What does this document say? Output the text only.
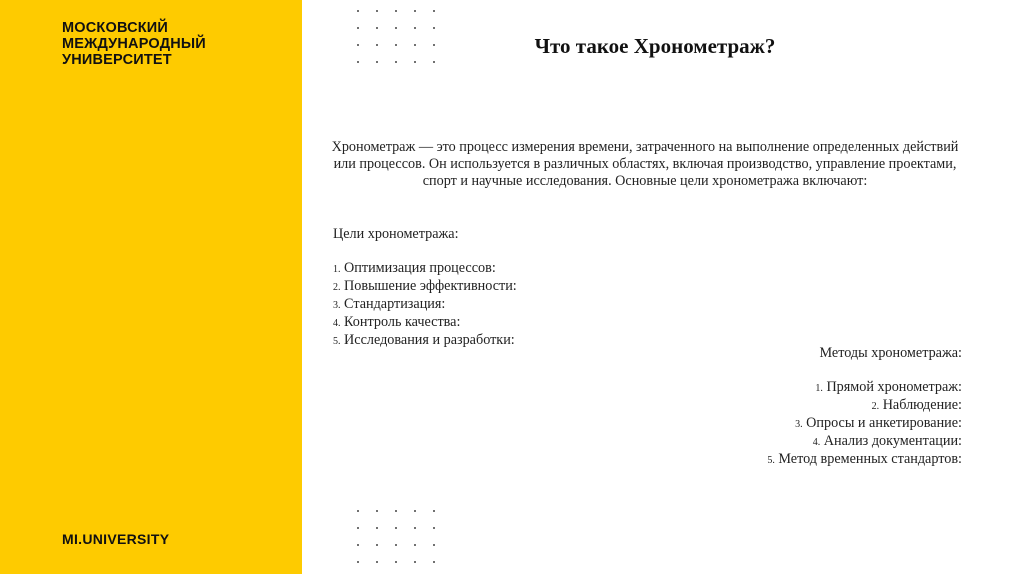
МОСКОВСКИЙ
МЕЖДУНАРОДНЫЙ
УНИВЕРСИТЕТ
MI.UNIVERSITY
Что такое Хронометраж?
Хронометраж — это процесс измерения времени, затраченного на выполнение определенных действий или процессов. Он используется в различных областях, включая производство, управление проектами, спорт и научные исследования. Основные цели хронометража включают:
Цели хронометража:
1. Оптимизация процессов:
2. Повышение эффективности:
3. Стандартизация:
4. Контроль качества:
5. Исследования и разработки:
Методы хронометража:
1. Прямой хронометраж:
2. Наблюдение:
3. Опросы и анкетирование:
4. Анализ документации:
5. Метод временных стандартов:
